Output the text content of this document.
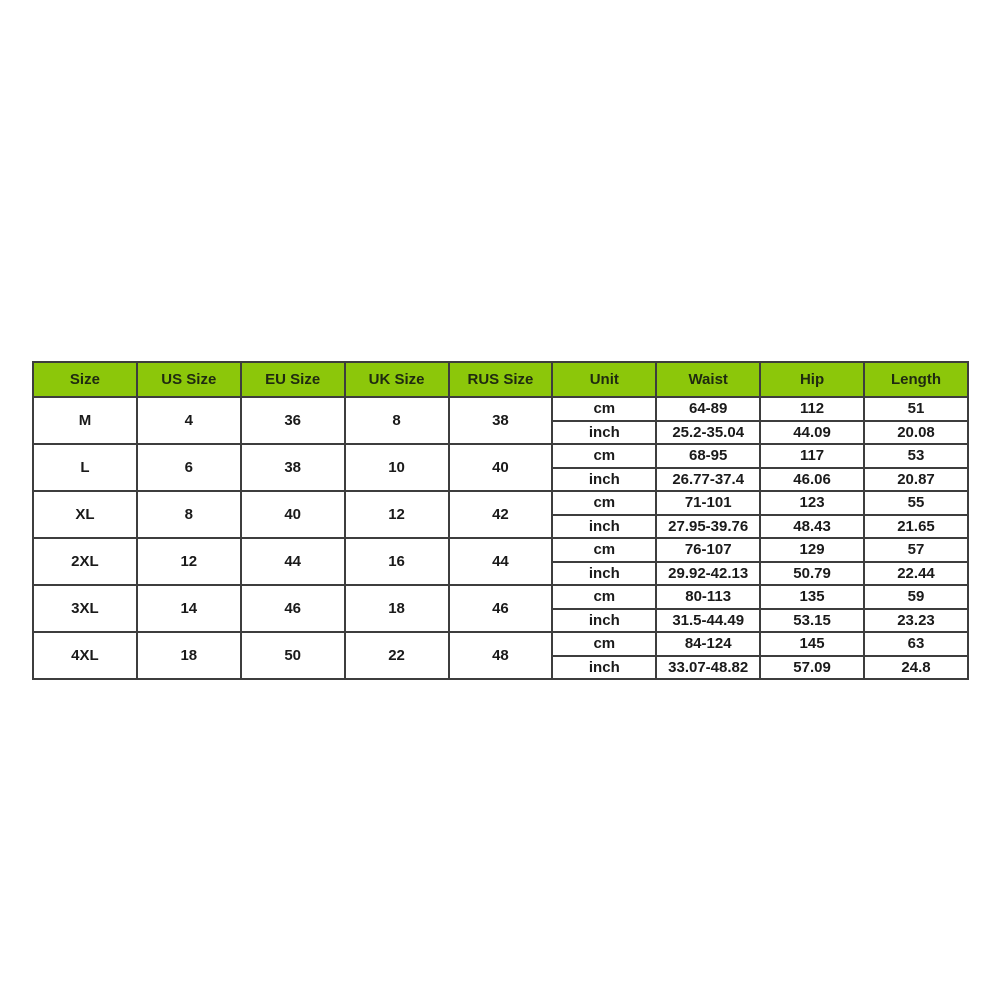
Size	US Size	EU Size	UK Size	RUS Size	Unit	Waist	Hip	Length
M	4	36	8	38	cm	64-89	112	51
					inch	25.2-35.04	44.09	20.08
L	6	38	10	40	cm	68-95	117	53
					inch	26.77-37.4	46.06	20.87
XL	8	40	12	42	cm	71-101	123	55
					inch	27.95-39.76	48.43	21.65
2XL	12	44	16	44	cm	76-107	129	57
					inch	29.92-42.13	50.79	22.44
3XL	14	46	18	46	cm	80-113	135	59
					inch	31.5-44.49	53.15	23.23
4XL	18	50	22	48	cm	84-124	145	63
					inch	33.07-48.82	57.09	24.8
